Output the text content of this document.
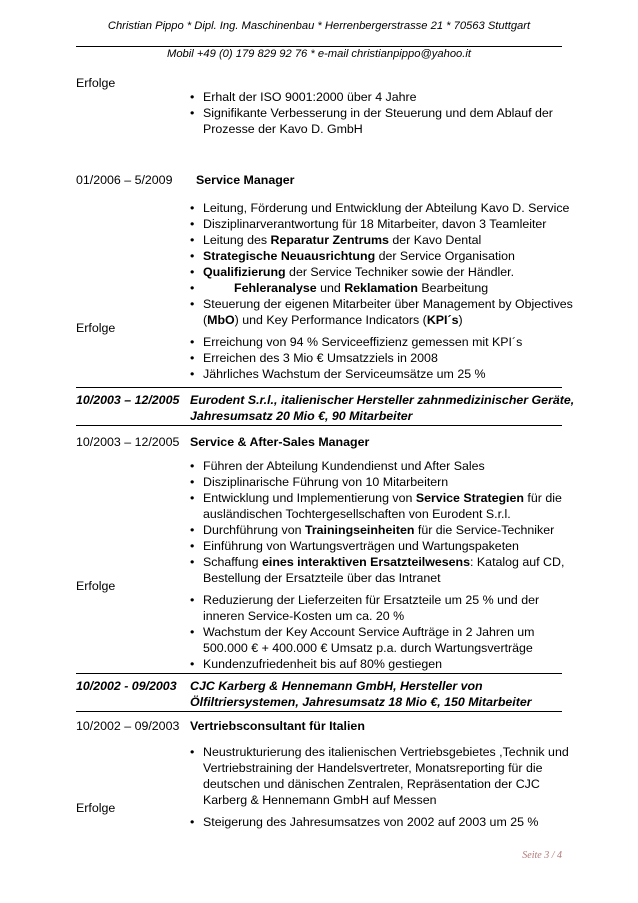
Christian Pippo * Dipl. Ing. Maschinenbau * Herrenbergerstrasse 21 * 70563 Stuttgart
Mobil +49 (0) 179 829 92 76 * e-mail christianpippo@yahoo.it
Erfolge
• Erhalt der ISO 9001:2000 über 4 Jahre
• Signifikante Verbesserung in der Steuerung und dem Ablauf der
Prozesse der Kavo D. GmbH
01/2006 – 5/2009 Service Manager
• Leitung, Förderung und Entwicklung der Abteilung Kavo D. Service
• Disziplinarverantwortung für 18 Mitarbeiter, davon 3 Teamleiter
• Leitung des Reparatur Zentrums der Kavo Dental
• Strategische Neuausrichtung der Service Organisation
• Qualifizierung der Service Techniker sowie der Händler.
•	Fehleranalyse und Reklamation Bearbeitung
• Steuerung der eigenen Mitarbeiter über Management by Objectives
(MbO) und Key Performance Indicators (KPI´s)
Erfolge
• Erreichung von 94 % Serviceeffizienz gemessen mit KPI´s
• Erreichen des 3 Mio € Umsatzziels in 2008
• Jährliches Wachstum der Serviceumsätze um 25 %
10/2003 – 12/2005 Eurodent S.r.l., italienischer Hersteller zahnmedizinischer Geräte,
Jahresumsatz 20 Mio €, 90 Mitarbeiter
10/2003 – 12/2005 Service & After-Sales Manager
• Führen der Abteilung Kundendienst und After Sales
• Disziplinarische Führung von 10 Mitarbeitern
• Entwicklung und Implementierung von Service Strategien für die
ausländischen Tochtergesellschaften von Eurodent S.r.l.
• Durchführung von Trainingseinheiten für die Service-Techniker
• Einführung von Wartungsverträgen und Wartungspaketen
• Schaffung eines interaktiven Ersatzteilwesens: Katalog auf CD,
Bestellung der Ersatzteile über das Intranet
Erfolge
• Reduzierung der Lieferzeiten für Ersatzteile um 25 % und der
inneren Service-Kosten um ca. 20 %
• Wachstum der Key Account Service Aufträge in 2 Jahren um
500.000 € + 400.000 € Umsatz p.a. durch Wartungsverträge
• Kundenzufriedenheit bis auf 80% gestiegen
10/2002 - 09/2003 CJC Karberg & Hennemann GmbH, Hersteller von
Ölfiltriersystemen, Jahresumsatz 18 Mio €, 150 Mitarbeiter
10/2002 – 09/2003 Vertriebsconsultant für Italien
• Neustrukturierung des italienischen Vertriebsgebietes ,Technik und
Vertriebstraining der Handelsvertreter, Monatsreporting für die
deutschen und dänischen Zentralen, Repräsentation der CJC
Karberg & Hennemann GmbH auf Messen
Erfolge
• Steigerung des Jahresumsatzes von 2002 auf 2003 um 25 %
Seite 3 / 4
